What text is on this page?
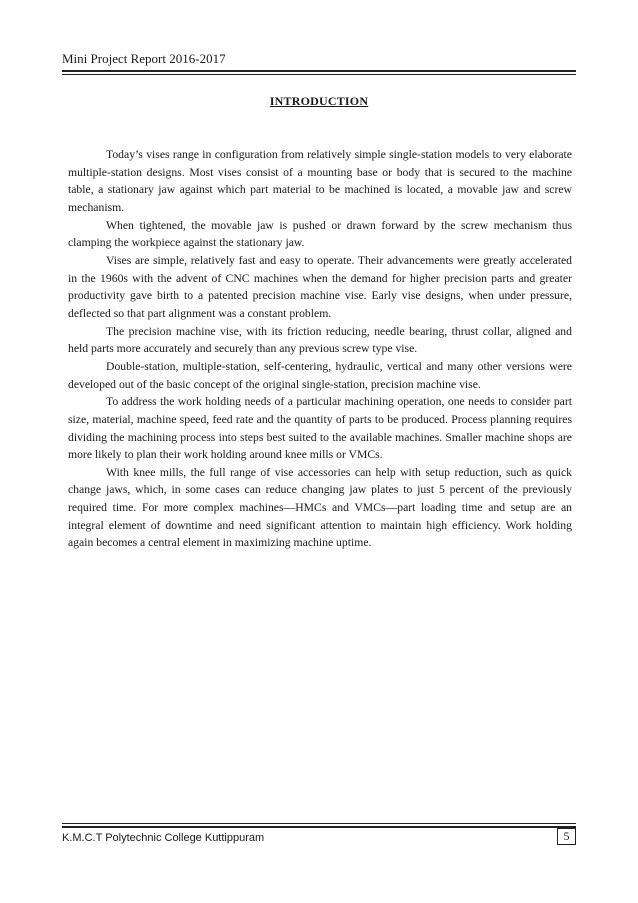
Mini Project Report 2016-2017
INTRODUCTION

Today’s vises range in configuration from relatively simple single-station models to very elaborate multiple-station designs. Most vises consist of a mounting base or body that is secured to the machine table, a stationary jaw against which part material to be machined is located, a movable jaw and screw mechanism.

When tightened, the movable jaw is pushed or drawn forward by the screw mechanism thus clamping the workpiece against the stationary jaw.

Vises are simple, relatively fast and easy to operate. Their advancements were greatly accelerated in the 1960s with the advent of CNC machines when the demand for higher precision parts and greater productivity gave birth to a patented precision machine vise. Early vise designs, when under pressure, deflected so that part alignment was a constant problem.

The precision machine vise, with its friction reducing, needle bearing, thrust collar, aligned and held parts more accurately and securely than any previous screw type vise.

Double-station, multiple-station, self-centering, hydraulic, vertical and many other versions were developed out of the basic concept of the original single-station, precision machine vise.

To address the work holding needs of a particular machining operation, one needs to consider part size, material, machine speed, feed rate and the quantity of parts to be produced. Process planning requires dividing the machining process into steps best suited to the available machines. Smaller machine shops are more likely to plan their work holding around knee mills or VMCs.

With knee mills, the full range of vise accessories can help with setup reduction, such as quick change jaws, which, in some cases can reduce changing jaw plates to just 5 percent of the previously required time. For more complex machines—HMCs and VMCs—part loading time and setup are an integral element of downtime and need significant attention to maintain high efficiency. Work holding again becomes a central element in maximizing machine uptime.

K.M.C.T Polytechnic College Kuttippuram	5
